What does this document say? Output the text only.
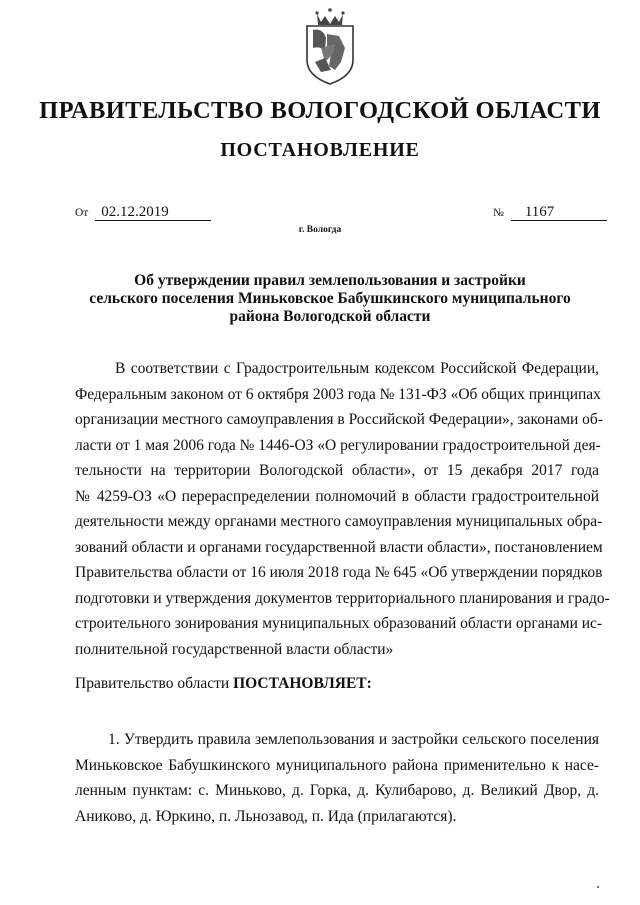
ПРАВИТЕЛЬСТВО ВОЛОГОДСКОЙ ОБЛАСТИ
ПОСТАНОВЛЕНИЕ
От 02.12.2019	№ 1167
г. Вологда
Об утверждении правил землепользования и застройки
сельского поселения Миньковское Бабушкинского муниципального
района Вологодской области
В соответствии с Градостроительным кодексом Российской Федерации,
Федеральным законом от 6 октября 2003 года № 131-ФЗ «Об общих принципах
организации местного самоуправления в Российской Федерации», законами об-
ласти от 1 мая 2006 года № 1446-ОЗ «О регулировании градостроительной дея-
тельности на территории Вологодской области», от 15 декабря 2017 года
№ 4259-ОЗ «О перераспределении полномочий в области градостроительной
деятельности между органами местного самоуправления муниципальных обра-
зований области и органами государственной власти области», постановлением
Правительства области от 16 июля 2018 года № 645 «Об утверждении порядков
подготовки и утверждения документов территориального планирования и градо-
строительного зонирования муниципальных образований области органами ис-
полнительной государственной власти области»
Правительство области ПОСТАНОВЛЯЕТ:
1. Утвердить правила землепользования и застройки сельского поселения
Миньковское Бабушкинского муниципального района применительно к насе-
ленным пунктам: с. Миньково, д. Горка, д. Кулибарово, д. Великий Двор, д.
Аниково, д. Юркино, п. Льнозавод, п. Ида (прилагаются).
